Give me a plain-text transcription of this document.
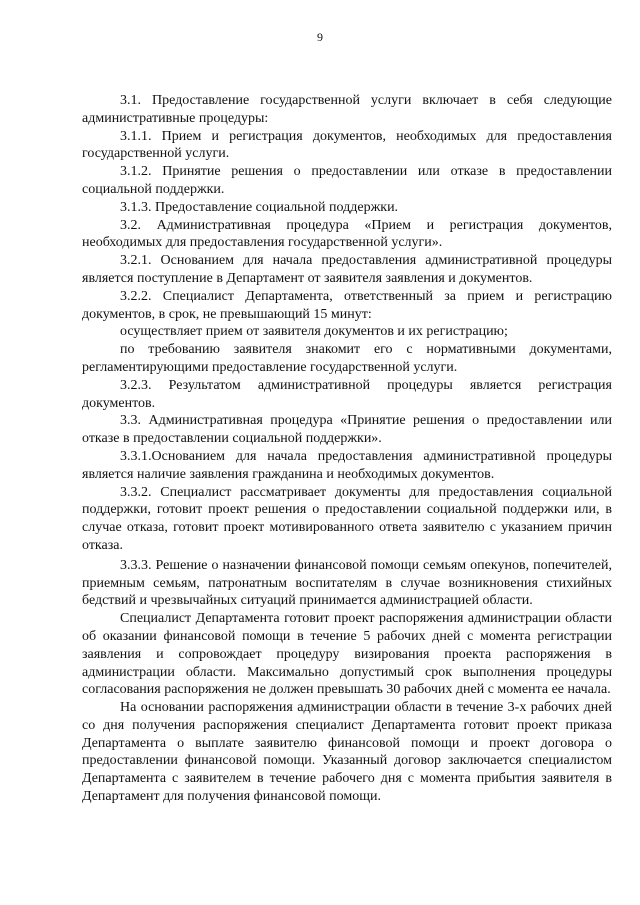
9

3.1. Предоставление государственной услуги включает в себя следующие административные процедуры:

3.1.1. Прием и регистрация документов, необходимых для предоставления государственной услуги.

3.1.2. Принятие решения о предоставлении или отказе в предоставлении социальной поддержки.

3.1.3. Предоставление социальной поддержки.

3.2. Административная процедура «Прием и регистрация документов, необходимых для предоставления государственной услуги».

3.2.1. Основанием для начала предоставления административной процедуры является поступление в Департамент от заявителя заявления и документов.

3.2.2. Специалист Департамента, ответственный за прием и регистрацию документов, в срок, не превышающий 15 минут:

осуществляет прием от заявителя документов и их регистрацию;

по требованию заявителя знакомит его с нормативными документами, регламентирующими предоставление государственной услуги.

3.2.3. Результатом административной процедуры является регистрация документов.

3.3. Административная процедура «Принятие решения о предоставлении или отказе в предоставлении социальной поддержки».

3.3.1.Основанием для начала предоставления административной процедуры является наличие заявления гражданина и необходимых документов.

3.3.2. Специалист рассматривает документы для предоставления социальной поддержки, готовит проект решения о предоставлении социальной поддержки или, в случае отказа, готовит проект мотивированного ответа заявителю с указанием причин отказа.

3.3.3. Решение о назначении финансовой помощи семьям опекунов, попечителей, приемным семьям, патронатным воспитателям в случае возникновения стихийных бедствий и чрезвычайных ситуаций принимается администрацией области.

Специалист Департамента готовит проект распоряжения администрации области об оказании финансовой помощи в течение 5 рабочих дней с момента регистрации заявления и сопровождает процедуру визирования проекта распоряжения в администрации области. Максимально допустимый срок выполнения процедуры согласования распоряжения не должен превышать 30 рабочих дней с момента ее начала.

На основании распоряжения администрации области в течение 3-х рабочих дней со дня получения распоряжения специалист Департамента готовит проект приказа Департамента о выплате заявителю финансовой помощи и проект договора о предоставлении финансовой помощи. Указанный договор заключается специалистом Департамента с заявителем в течение рабочего дня с момента прибытия заявителя в Департамент для получения финансовой помощи.
